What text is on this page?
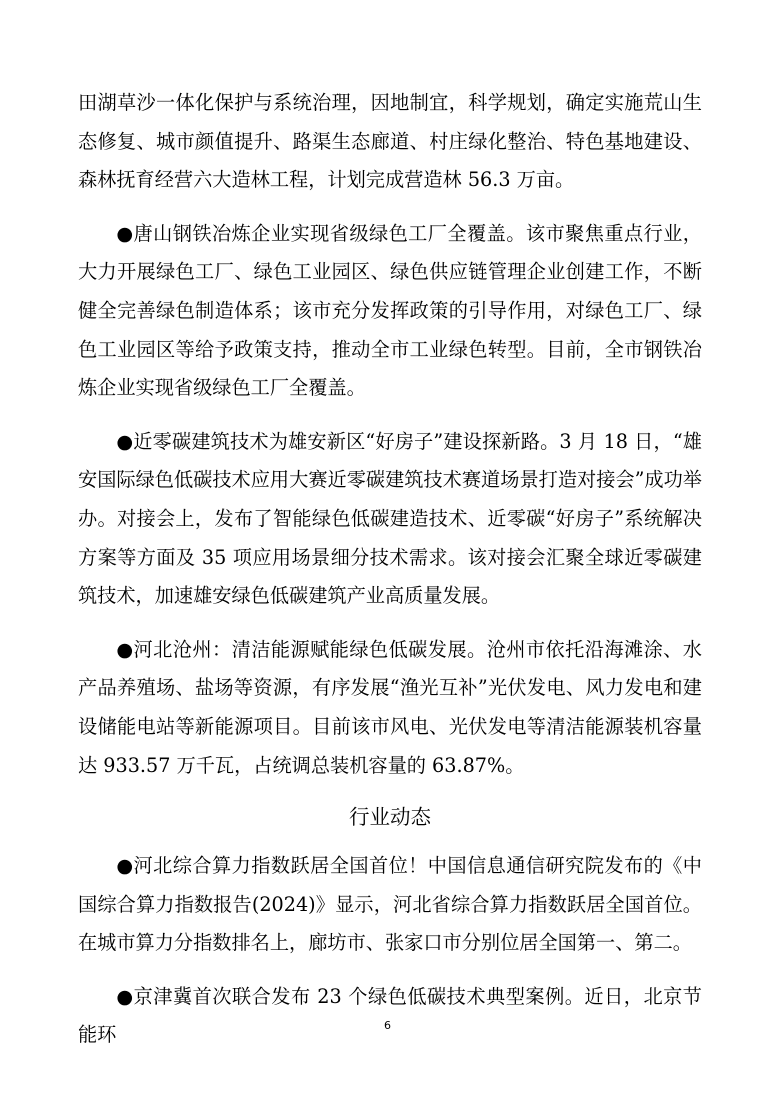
田湖草沙一体化保护与系统治理，因地制宜，科学规划，确定实施荒山生态修复、城市颜值提升、路渠生态廊道、村庄绿化整治、特色基地建设、森林抚育经营六大造林工程，计划完成营造林 56.3 万亩。

●唐山钢铁冶炼企业实现省级绿色工厂全覆盖。该市聚焦重点行业，大力开展绿色工厂、绿色工业园区、绿色供应链管理企业创建工作，不断健全完善绿色制造体系；该市充分发挥政策的引导作用，对绿色工厂、绿色工业园区等给予政策支持，推动全市工业绿色转型。目前，全市钢铁冶炼企业实现省级绿色工厂全覆盖。

●近零碳建筑技术为雄安新区“好房子”建设探新路。3 月 18 日，“雄安国际绿色低碳技术应用大赛近零碳建筑技术赛道场景打造对接会”成功举办。对接会上，发布了智能绿色低碳建造技术、近零碳“好房子”系统解决方案等方面及 35 项应用场景细分技术需求。该对接会汇聚全球近零碳建筑技术，加速雄安绿色低碳建筑产业高质量发展。

●河北沧州：清洁能源赋能绿色低碳发展。沧州市依托沿海滩涂、水产品养殖场、盐场等资源，有序发展“渔光互补”光伏发电、风力发电和建设储能电站等新能源项目。目前该市风电、光伏发电等清洁能源装机容量达 933.57 万千瓦，占统调总装机容量的 63.87%。

行业动态

●河北综合算力指数跃居全国首位！中国信息通信研究院发布的《中国综合算力指数报告(2024)》显示，河北省综合算力指数跃居全国首位。在城市算力分指数排名上，廊坊市、张家口市分别位居全国第一、第二。

●京津冀首次联合发布 23 个绿色低碳技术典型案例。近日，北京节能环	6
